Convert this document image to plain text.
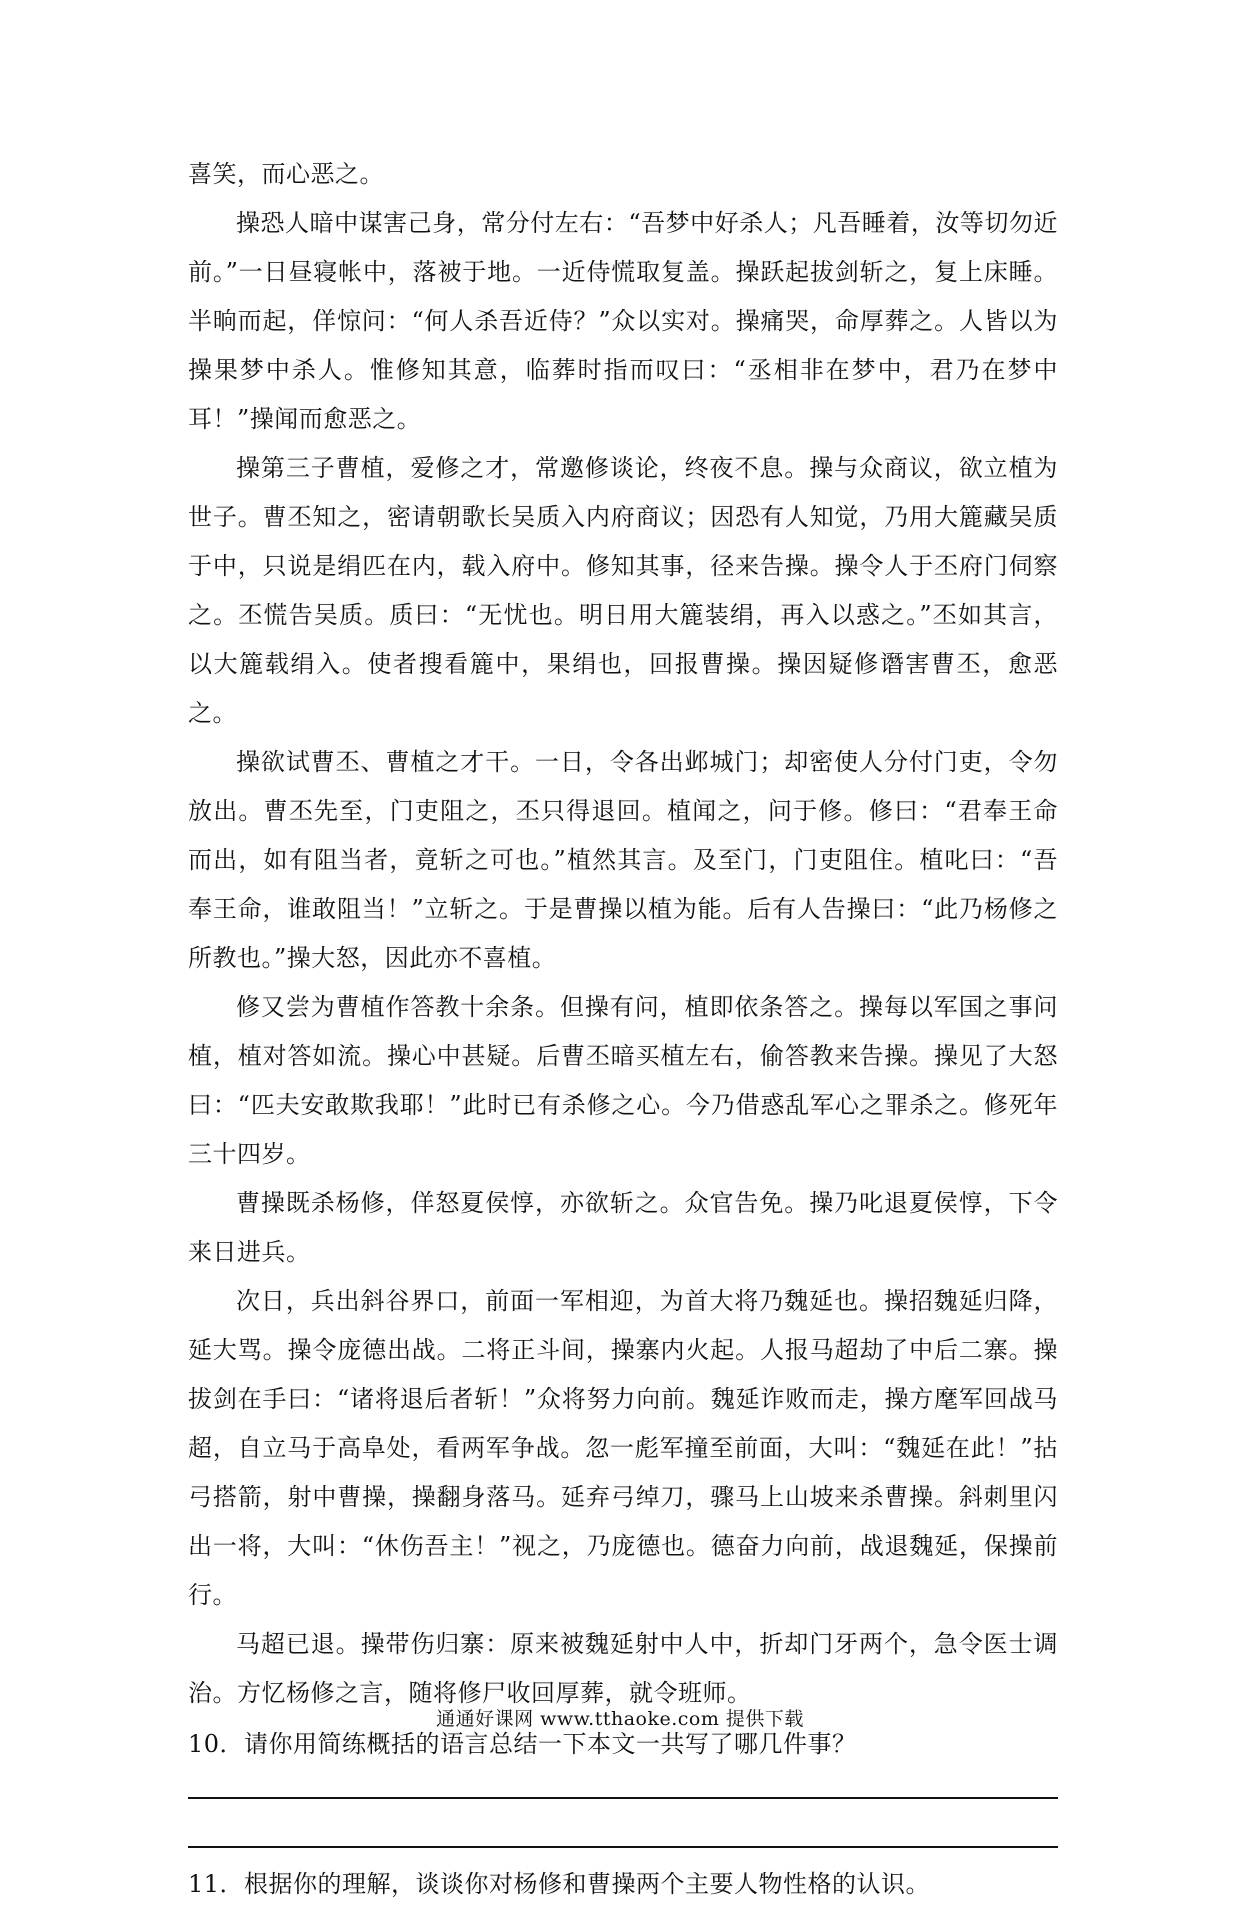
喜笑，而心恶之。

操恐人暗中谋害己身，常分付左右：“吾梦中好杀人；凡吾睡着，汝等切勿近前。”一日昼寝帐中，落被于地。一近侍慌取复盖。操跃起拔剑斩之，复上床睡。半晌而起，佯惊问：“何人杀吾近侍？”众以实对。操痛哭，命厚葬之。人皆以为操果梦中杀人。惟修知其意，临葬时指而叹曰：“丞相非在梦中，君乃在梦中耳！”操闻而愈恶之。

操第三子曹植，爱修之才，常邀修谈论，终夜不息。操与众商议，欲立植为世子。曹丕知之，密请朝歌长吴质入内府商议；因恐有人知觉，乃用大簏藏吴质于中，只说是绢匹在内，载入府中。修知其事，径来告操。操令人于丕府门伺察之。丕慌告吴质。质曰：“无忧也。明日用大簏装绢，再入以惑之。”丕如其言，以大簏载绢入。使者搜看簏中，果绢也，回报曹操。操因疑修谮害曹丕，愈恶之。

操欲试曹丕、曹植之才干。一日，令各出邺城门；却密使人分付门吏，令勿放出。曹丕先至，门吏阻之，丕只得退回。植闻之，问于修。修曰：“君奉王命而出，如有阻当者，竟斩之可也。”植然其言。及至门，门吏阻住。植叱曰：“吾奉王命，谁敢阻当！”立斩之。于是曹操以植为能。后有人告操曰：“此乃杨修之所教也。”操大怒，因此亦不喜植。

修又尝为曹植作答教十余条。但操有问，植即依条答之。操每以军国之事问植，植对答如流。操心中甚疑。后曹丕暗买植左右，偷答教来告操。操见了大怒曰：“匹夫安敢欺我耶！”此时已有杀修之心。今乃借惑乱军心之罪杀之。修死年三十四岁。

曹操既杀杨修，佯怒夏侯惇，亦欲斩之。众官告免。操乃叱退夏侯惇，下令来日进兵。

次日，兵出斜谷界口，前面一军相迎，为首大将乃魏延也。操招魏延归降，延大骂。操令庞德出战。二将正斗间，操寨内火起。人报马超劫了中后二寨。操拔剑在手曰：“诸将退后者斩！”众将努力向前。魏延诈败而走，操方麾军回战马超，自立马于高阜处，看两军争战。忽一彪军撞至前面，大叫：“魏延在此！”拈弓搭箭，射中曹操，操翻身落马。延弃弓绰刀，骤马上山坡来杀曹操。斜刺里闪出一将，大叫：“休伤吾主！”视之，乃庞德也。德奋力向前，战退魏延，保操前行。

马超已退。操带伤归寨：原来被魏延射中人中，折却门牙两个，急令医士调治。方忆杨修之言，随将修尸收回厚葬，就令班师。

10．请你用简练概括的语言总结一下本文一共写了哪几件事？

11．根据你的理解，谈谈你对杨修和曹操两个主要人物性格的认识。

通通好课网 www.tthaoke.com 提供下载
